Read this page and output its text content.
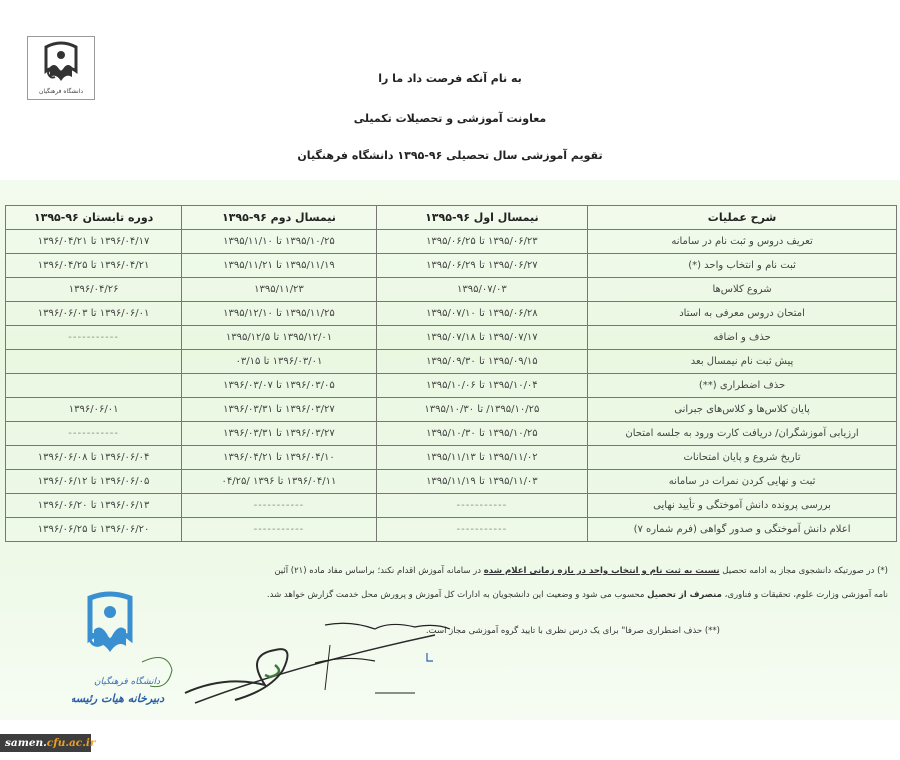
دانشگاه فرهنگیان
به نام آنکه فرصت داد ما را
معاونت آموزشی و تحصیلات تکمیلی
تقویم آموزشی سال تحصیلی ۹۶-۱۳۹۵ دانشگاه فرهنگیان
شرح عملیات	نیمسال اول ۹۶-۱۳۹۵	نیمسال دوم ۹۶-۱۳۹۵	دوره تابستان ۹۶-۱۳۹۵
تعریف دروس و ثبت نام در سامانه	۱۳۹۵/۰۶/۲۳ تا ۱۳۹۵/۰۶/۲۵	۱۳۹۵/۱۰/۲۵ تا ۱۳۹۵/۱۱/۱۰	۱۳۹۶/۰۴/۱۷ تا ۱۳۹۶/۰۴/۲۱
ثبت نام و انتخاب واحد (*)	۱۳۹۵/۰۶/۲۷ تا ۱۳۹۵/۰۶/۲۹	۱۳۹۵/۱۱/۱۹ تا ۱۳۹۵/۱۱/۲۱	۱۳۹۶/۰۴/۲۱ تا ۱۳۹۶/۰۴/۲۵
شروع کلاس‌ها	۱۳۹۵/۰۷/۰۳	۱۳۹۵/۱۱/۲۳	۱۳۹۶/۰۴/۲۶
امتحان دروس معرفی به استاد	۱۳۹۵/۰۶/۲۸ تا ۱۳۹۵/۰۷/۱۰	۱۳۹۵/۱۱/۲۵ تا ۱۳۹۵/۱۲/۱۰	۱۳۹۶/۰۶/۰۱ تا ۱۳۹۶/۰۶/۰۳
حذف و اضافه	۱۳۹۵/۰۷/۱۷ تا ۱۳۹۵/۰۷/۱۸	۱۳۹۵/۱۲/۰۱ تا ۱۳۹۵/۱۲/۵	-----------
پیش ثبت نام نیمسال بعد	۱۳۹۵/۰۹/۱۵ تا ۱۳۹۵/۰۹/۳۰	۱۳۹۶/۰۳/۰۱ تا ۰۳/۱۵	
حذف اضطراری (**)	۱۳۹۵/۱۰/۰۴ تا ۱۳۹۵/۱۰/۰۶	۱۳۹۶/۰۳/۰۵ تا ۱۳۹۶/۰۳/۰۷	
پایان کلاس‌ها و کلاس‌های جبرانی	۱۳۹۵/۱۰/۲۵/ تا ۱۳۹۵/۱۰/۳۰	۱۳۹۶/۰۳/۲۷ تا ۱۳۹۶/۰۳/۳۱	۱۳۹۶/۰۶/۰۱
ارزیابی آموزشگران/ دریافت کارت ورود به جلسه امتحان	۱۳۹۵/۱۰/۲۵ تا ۱۳۹۵/۱۰/۳۰	۱۳۹۶/۰۳/۲۷ تا ۱۳۹۶/۰۳/۳۱	-----------
تاریخ شروع و پایان امتحانات	۱۳۹۵/۱۱/۰۲ تا ۱۳۹۵/۱۱/۱۳	۱۳۹۶/۰۴/۱۰ تا ۱۳۹۶/۰۴/۲۱	۱۳۹۶/۰۶/۰۴ تا ۱۳۹۶/۰۶/۰۸
ثبت و نهایی کردن نمرات در سامانه	۱۳۹۵/۱۱/۰۳ تا ۱۳۹۵/۱۱/۱۹	۱۳۹۶/۰۴/۱۱ تا ۱۳۹۶ /۰۴/۲۵	۱۳۹۶/۰۶/۰۵ تا ۱۳۹۶/۰۶/۱۲
بررسی پرونده دانش آموختگی و تأیید نهایی	-----------	-----------	۱۳۹۶/۰۶/۱۳ تا ۱۳۹۶/۰۶/۲۰
اعلام دانش آموختگی و صدور گواهی (فرم شماره ۷)	-----------	-----------	۱۳۹۶/۰۶/۲۰ تا ۱۳۹۶/۰۶/۲۵
(*) در صورتیکه دانشجوی مجاز به ادامه تحصیل نسبت به ثبت نام و انتخاب واحد در بازه زمانی اعلام شده در سامانه آموزش اقدام نکند؛ براساس مفاد ماده (۲۱) آئین
نامه آموزشی وزارت علوم، تحقیقات و فناوری، منصرف از تحصیل محسوب می شود و وضعیت این دانشجویان به ادارات کل آموزش و پرورش محل خدمت گزارش خواهد شد.
(**) حذف اضطراری صرفا" برای یک درس نظری با تایید گروه آموزشی مجاز است.
دانشگاه فرهنگیان
دبیرخانه هیات رئیسه
samen.cfu.ac.ir
